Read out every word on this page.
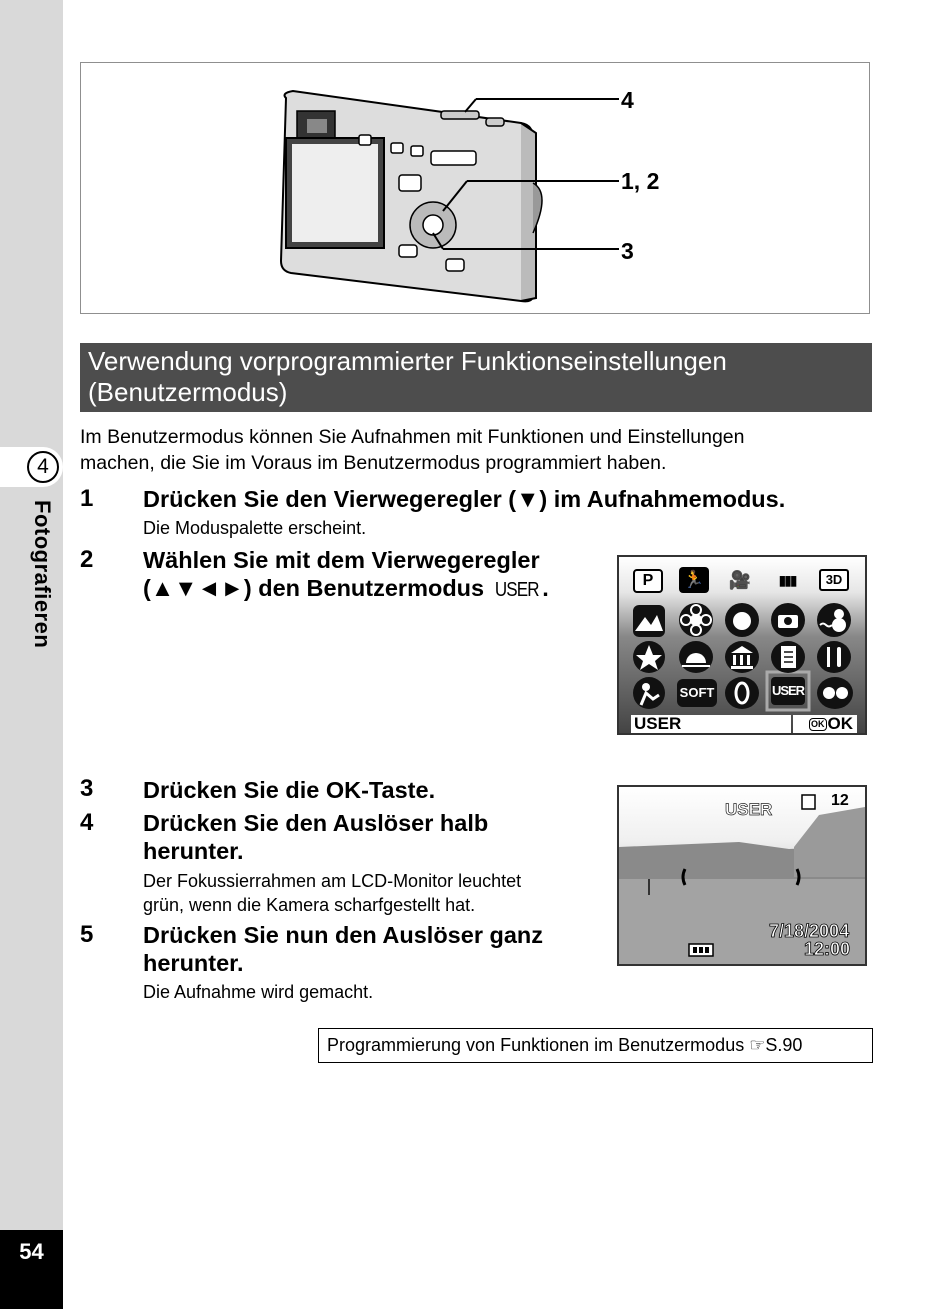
4
Fotografieren
54
4
1, 2
3
Verwendung vorprogrammierter Funktionseinstellungen
(Benutzermodus)
Im Benutzermodus können Sie Aufnahmen mit Funktionen und Einstellungen
machen, die Sie im Voraus im Benutzermodus programmiert haben.
1 Drücken Sie den Vierwegeregler (▼) im Aufnahmemodus.
Die Moduspalette erscheint.
2 Wählen Sie mit dem Vierwegeregler
(▲▼◄►) den Benutzermodus USER .	P	🏃 🎥	▮▮▮	3D
SOFT	USER
USER	OK OK
3 Drücken Sie die OK-Taste.
4 Drücken Sie den Auslöser halb
herunter.
Der Fokussierrahmen am LCD-Monitor leuchtet
grün, wenn die Kamera scharfgestellt hat.
5 Drücken Sie nun den Auslöser ganz
herunter.
Die Aufnahme wird gemacht.
USER	12
7/18/2004
12:00
Programmierung von Funktionen im Benutzermodus ☞S.90
